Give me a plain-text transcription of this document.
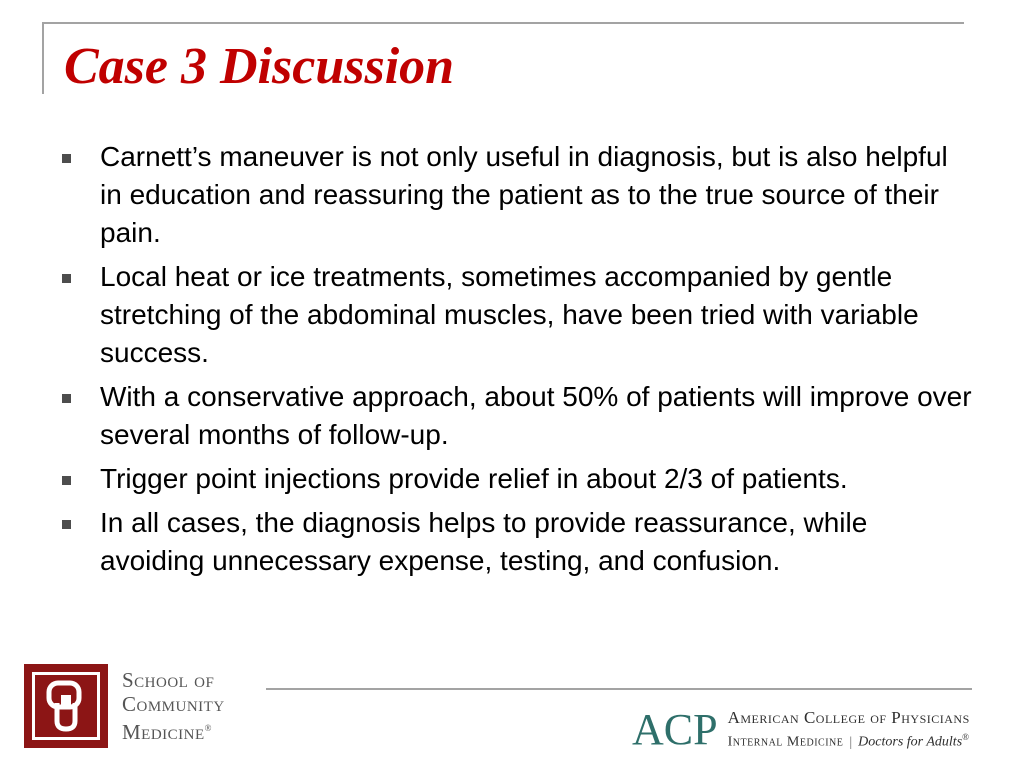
Case 3 Discussion
Carnett’s maneuver is not only useful in diagnosis, but is also helpful in education and reassuring the patient as to the true source of their pain.
Local heat or ice treatments, sometimes accompanied by gentle stretching of the abdominal muscles, have been tried with variable success.
With a conservative approach, about 50% of patients will improve over several months of follow-up.
Trigger point injections provide relief in about 2/3 of patients.
In all cases, the diagnosis helps to provide reassurance, while avoiding unnecessary expense, testing, and confusion.
School of
Community
Medicine®	ACP American College of Physicians
Internal Medicine | Doctors for Adults®
